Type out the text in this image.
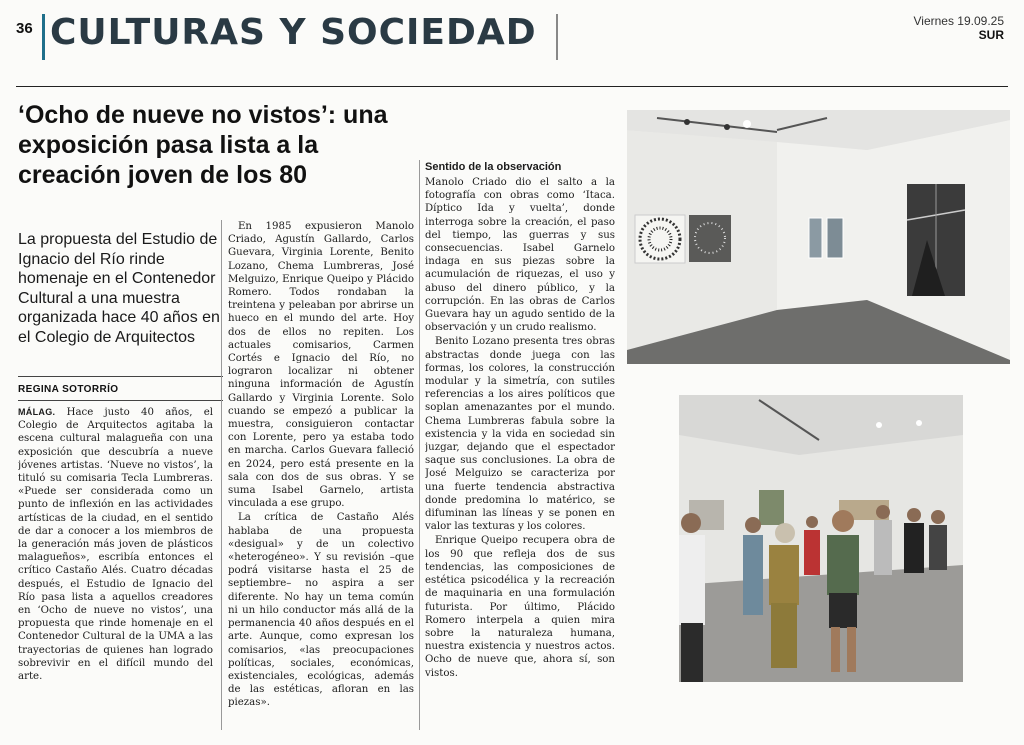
36 CULTURAS Y SOCIEDAD	Viernes 19.09.25
SUR
‘Ocho de nueve no vistos’: una exposición pasa lista a la creación joven de los 80
La propuesta del Estudio de Ignacio del Río rinde homenaje en el Contenedor Cultural a una muestra organizada hace 40 años en el Colegio de Arquitectos
REGINA SOTORRÍO

MÁLAG. Hace justo 40 años, el Colegio de Arquitectos agitaba la escena cultural malagueña con una exposición que descubría a nueve jóvenes artistas. ‘Nueve no vistos’, la tituló su comisaria Tecla Lumbreras. «Puede ser considerada como un punto de inflexión en las actividades artísticas de la ciudad, en el sentido de dar a conocer a los miembros de la generación más joven de plásticos malagueños», escribía entonces el crítico Castaño Alés. Cuatro décadas después, el Estudio de Ignacio del Río pasa lista a aquellos creadores en ‘Ocho de nueve no vistos’, una propuesta que rinde homenaje en el Contenedor Cultural de la UMA a las trayectorias de quienes han logrado sobrevivir en el difícil mundo del arte.

En 1985 expusieron Manolo Criado, Agustín Gallardo, Carlos Guevara, Virginia Lorente, Benito Lozano, Chema Lumbreras, José Melguizo, Enrique Queipo y Plácido Romero. Todos rondaban la treintena y peleaban por abrirse un hueco en el mundo del arte. Hoy dos de ellos no repiten. Los actuales comisarios, Carmen Cortés e Ignacio del Río, no lograron localizar ni obtener ninguna información de Agustín Gallardo y Virginia Lorente. Solo cuando se empezó a publicar la muestra, consiguieron contactar con Lorente, pero ya estaba todo en marcha. Carlos Guevara falleció en 2024, pero está presente en la sala con dos de sus obras. Y se suma Isabel Garnelo, artista vinculada a ese grupo.

La crítica de Castaño Alés hablaba de una propuesta «desigual» y de un colectivo «heterogéneo». Y su revisión –que podrá visitarse hasta el 25 de septiembre– no aspira a ser diferente. No hay un tema común ni un hilo conductor más allá de la permanencia 40 años después en el arte. Aunque, como expresan los comisarios, «las preocupaciones políticas, sociales, económicas, existenciales, ecológicas, además de las estéticas, afloran en las piezas».

Sentido de la observación

Manolo Criado dio el salto a la fotografía con obras como ‘Itaca. Díptico Ida y vuelta’, donde interroga sobre la creación, el paso del tiempo, las guerras y sus consecuencias. Isabel Garnelo indaga en sus piezas sobre la acumulación de riquezas, el uso y abuso del dinero público, y la corrupción. En las obras de Carlos Guevara hay un agudo sentido de la observación y un crudo realismo.

Benito Lozano presenta tres obras abstractas donde juega con las formas, los colores, la construcción modular y la simetría, con sutiles referencias a los aires políticos que soplan amenazantes por el mundo. Chema Lumbreras fabula sobre la existencia y la vida en sociedad sin juzgar, dejando que el espectador saque sus conclusiones. La obra de José Melguizo se caracteriza por una fuerte tendencia abstractiva donde predomina lo matérico, se difuminan las líneas y se ponen en valor las texturas y los colores.

Enrique Queipo recupera obra de los 90 que refleja dos de sus tendencias, las composiciones de estética psicodélica y la recreación de maquinaria en una formulación futurista. Por último, Plácido Romero interpela a quien mira sobre la naturaleza humana, nuestra existencia y nuestros actos. Ocho de nueve que, ahora sí, son vistos.
